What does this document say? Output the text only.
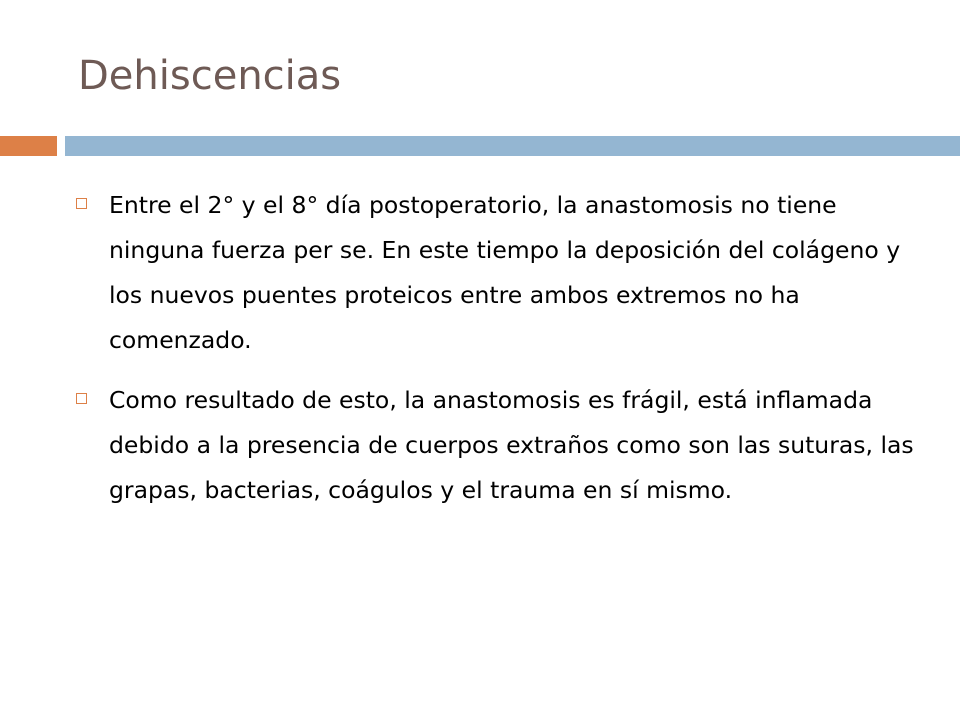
Dehiscencias
Entre el 2° y el 8° día postoperatorio, la anastomosis no tiene ninguna fuerza per se. En este tiempo la deposición del colágeno y los nuevos puentes proteicos entre ambos extremos no ha comenzado.
Como resultado de esto, la anastomosis es frágil, está inflamada debido a la presencia de cuerpos extraños como son las suturas, las grapas, bacterias, coágulos y el trauma en sí mismo.
